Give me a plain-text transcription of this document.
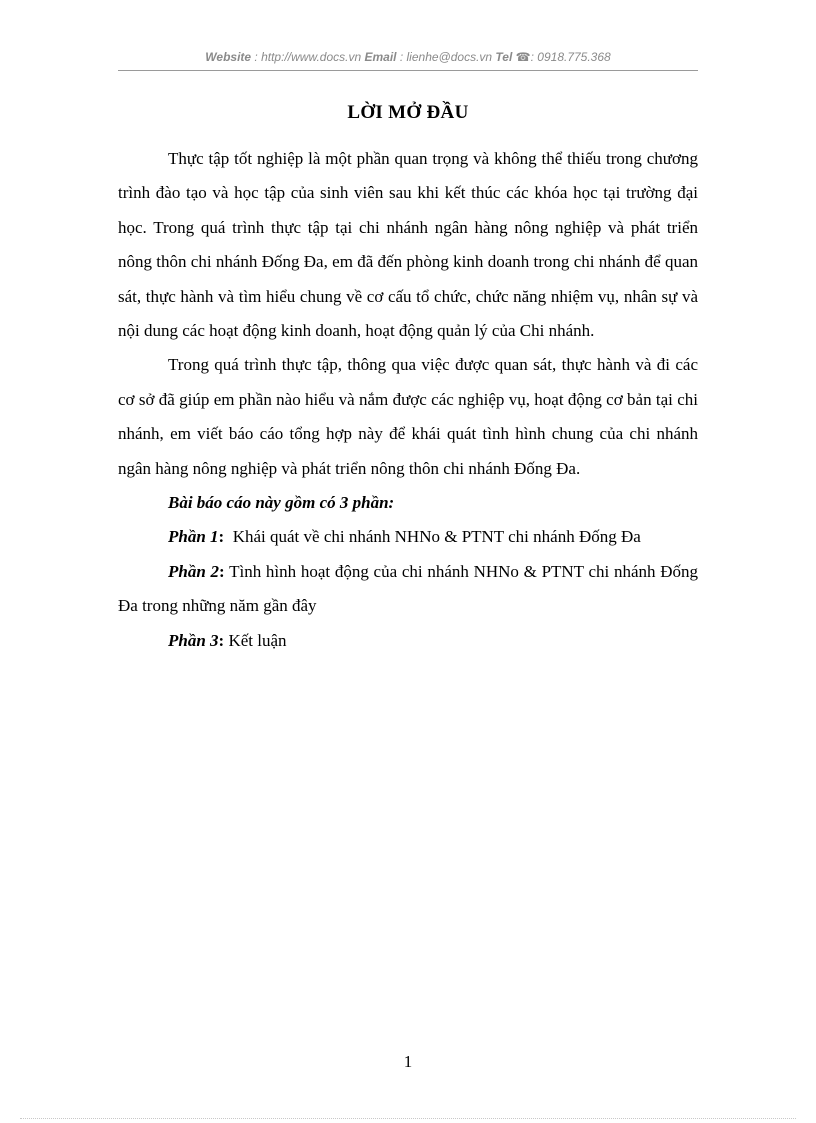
Website : http://www.docs.vn Email : lienhe@docs.vn Tel ☎: 0918.775.368
LỜI MỞ ĐẦU

Thực tập tốt nghiệp là một phần quan trọng và không thể thiếu trong chương trình đào tạo và học tập của sinh viên sau khi kết thúc các khóa học tại trường đại học. Trong quá trình thực tập tại chi nhánh ngân hàng nông nghiệp và phát triển nông thôn chi nhánh Đống Đa, em đã đến phòng kinh doanh trong chi nhánh để quan sát, thực hành và tìm hiểu chung về cơ cấu tổ chức, chức năng nhiệm vụ, nhân sự và nội dung các hoạt động kinh doanh, hoạt động quản lý của Chi nhánh.

Trong quá trình thực tập, thông qua việc được quan sát, thực hành và đi các cơ sở đã giúp em phần nào hiểu và nắm được các nghiệp vụ, hoạt động cơ bản tại chi nhánh, em viết báo cáo tổng hợp này để khái quát tình hình chung của chi nhánh ngân hàng nông nghiệp và phát triển nông thôn chi nhánh Đống Đa.

Bài báo cáo này gồm có 3 phần:

Phần 1: Khái quát về chi nhánh NHNo & PTNT chi nhánh Đống Đa

Phần 2: Tình hình hoạt động của chi nhánh NHNo & PTNT chi nhánh Đống Đa trong những năm gần đây

Phần 3: Kết luận

1
